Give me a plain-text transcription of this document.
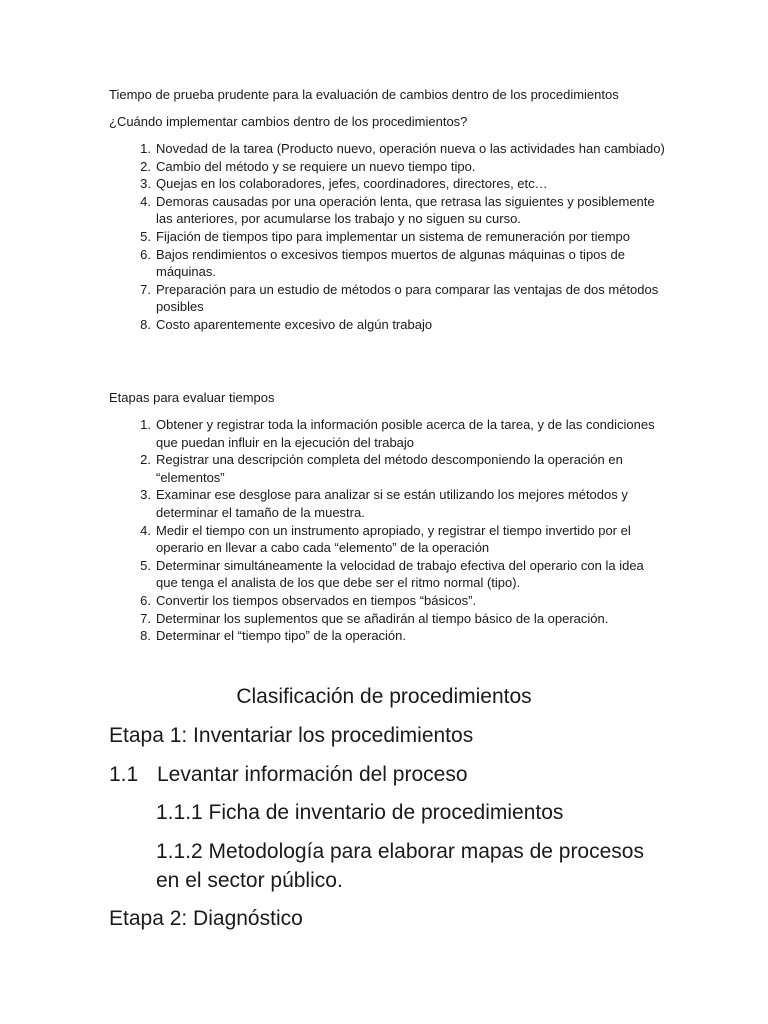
Tiempo de prueba prudente para la evaluación de cambios dentro de los procedimientos

¿Cuándo implementar cambios dentro de los procedimientos?

1. Novedad de la tarea (Producto nuevo, operación nueva o las actividades han cambiado)
2. Cambio del método y se requiere un nuevo tiempo tipo.
3. Quejas en los colaboradores, jefes, coordinadores, directores, etc…
4. Demoras causadas por una operación lenta, que retrasa las siguientes y posiblemente las anteriores, por acumularse los trabajo y no siguen su curso.
5. Fijación de tiempos tipo para implementar un sistema de remuneración por tiempo
6. Bajos rendimientos o excesivos tiempos muertos de algunas máquinas o tipos de máquinas.
7. Preparación para un estudio de métodos o para comparar las ventajas de dos métodos posibles
8. Costo aparentemente excesivo de algún trabajo

Etapas para evaluar tiempos

1. Obtener y registrar toda la información posible acerca de la tarea, y de las condiciones que puedan influir en la ejecución del trabajo
2. Registrar una descripción completa del método descomponiendo la operación en “elementos”
3. Examinar ese desglose para analizar si se están utilizando los mejores métodos y determinar el tamaño de la muestra.
4. Medir el tiempo con un instrumento apropiado, y registrar el tiempo invertido por el operario en llevar a cabo cada “elemento” de la operación
5. Determinar simultáneamente la velocidad de trabajo efectiva del operario con la idea que tenga el analista de los que debe ser el ritmo normal (tipo).
6. Convertir los tiempos observados en tiempos “básicos”.
7. Determinar los suplementos que se añadirán al tiempo básico de la operación.
8. Determinar el “tiempo tipo” de la operación.
Clasificación de procedimientos
Etapa 1: Inventariar los procedimientos
1.1 Levantar información del proceso
1.1.1 Ficha de inventario de procedimientos
1.1.2 Metodología para elaborar mapas de procesos
en el sector público.
Etapa 2: Diagnóstico
